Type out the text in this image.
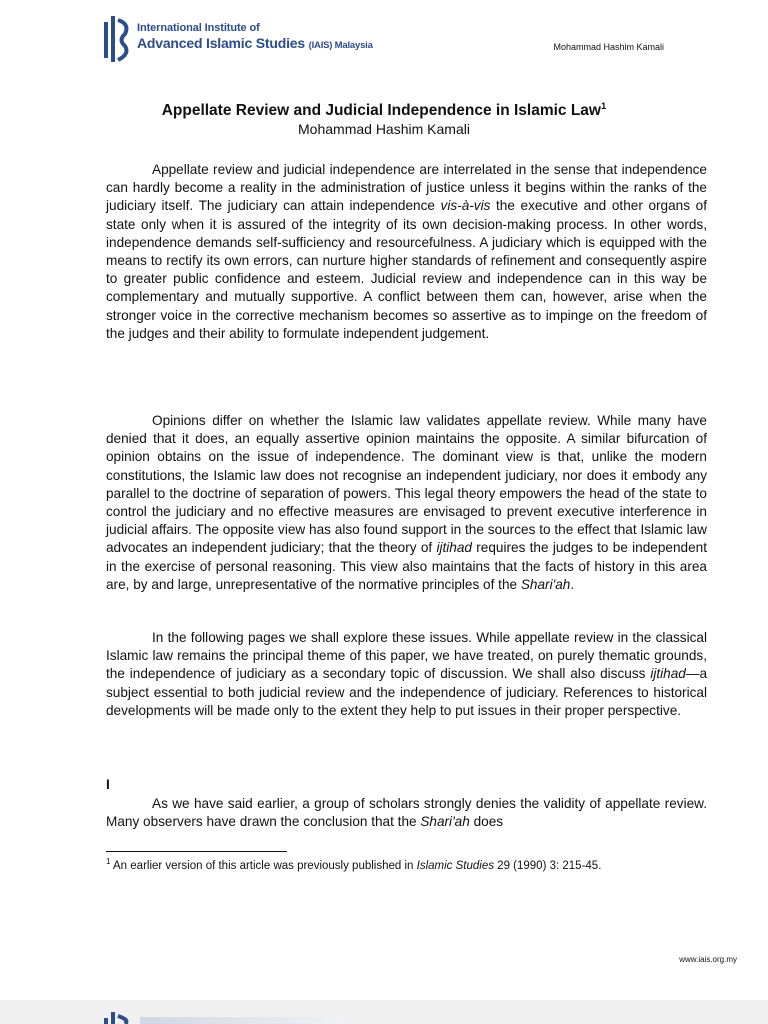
International Institute of
Advanced Islamic Studies (IAIS) Malaysia	Mohammad Hashim Kamali
Appellate Review and Judicial Independence in Islamic Law$^1$
Mohammad Hashim Kamali

Appellate review and judicial independence are interrelated in the sense that independence can hardly become a reality in the administration of justice unless it begins within the ranks of the judiciary itself. The judiciary can attain independence vis-à-vis the executive and other organs of state only when it is assured of the integrity of its own decision-making process. In other words, independence demands self-sufficiency and resourcefulness. A judiciary which is equipped with the means to rectify its own errors, can nurture higher standards of refinement and consequently aspire to greater public confidence and esteem. Judicial review and independence can in this way be complementary and mutually supportive. A conflict between them can, however, arise when the stronger voice in the corrective mechanism becomes so assertive as to impinge on the freedom of the judges and their ability to formulate independent judgement.

Opinions differ on whether the Islamic law validates appellate review. While many have denied that it does, an equally assertive opinion maintains the opposite. A similar bifurcation of opinion obtains on the issue of independence. The dominant view is that, unlike the modern constitutions, the Islamic law does not recognise an independent judiciary, nor does it embody any parallel to the doctrine of separation of powers. This legal theory empowers the head of the state to control the judiciary and no effective measures are envisaged to prevent executive interference in judicial affairs. The opposite view has also found support in the sources to the effect that Islamic law advocates an independent judiciary; that the theory of ijtihad requires the judges to be independent in the exercise of personal reasoning. This view also maintains that the facts of history in this area are, by and large, unrepresentative of the normative principles of the Shari'ah.

In the following pages we shall explore these issues. While appellate review in the classical Islamic law remains the principal theme of this paper, we have treated, on purely thematic grounds, the independence of judiciary as a secondary topic of discussion. We shall also discuss ijtihad—a subject essential to both judicial review and the independence of judiciary. References to historical developments will be made only to the extent they help to put issues in their proper perspective.

I

As we have said earlier, a group of scholars strongly denies the validity of appellate review. Many observers have drawn the conclusion that the Shari'ah does

$^1$ An earlier version of this article was previously published in Islamic Studies 29 (1990) 3: 215-45.
www.iais.org.my
